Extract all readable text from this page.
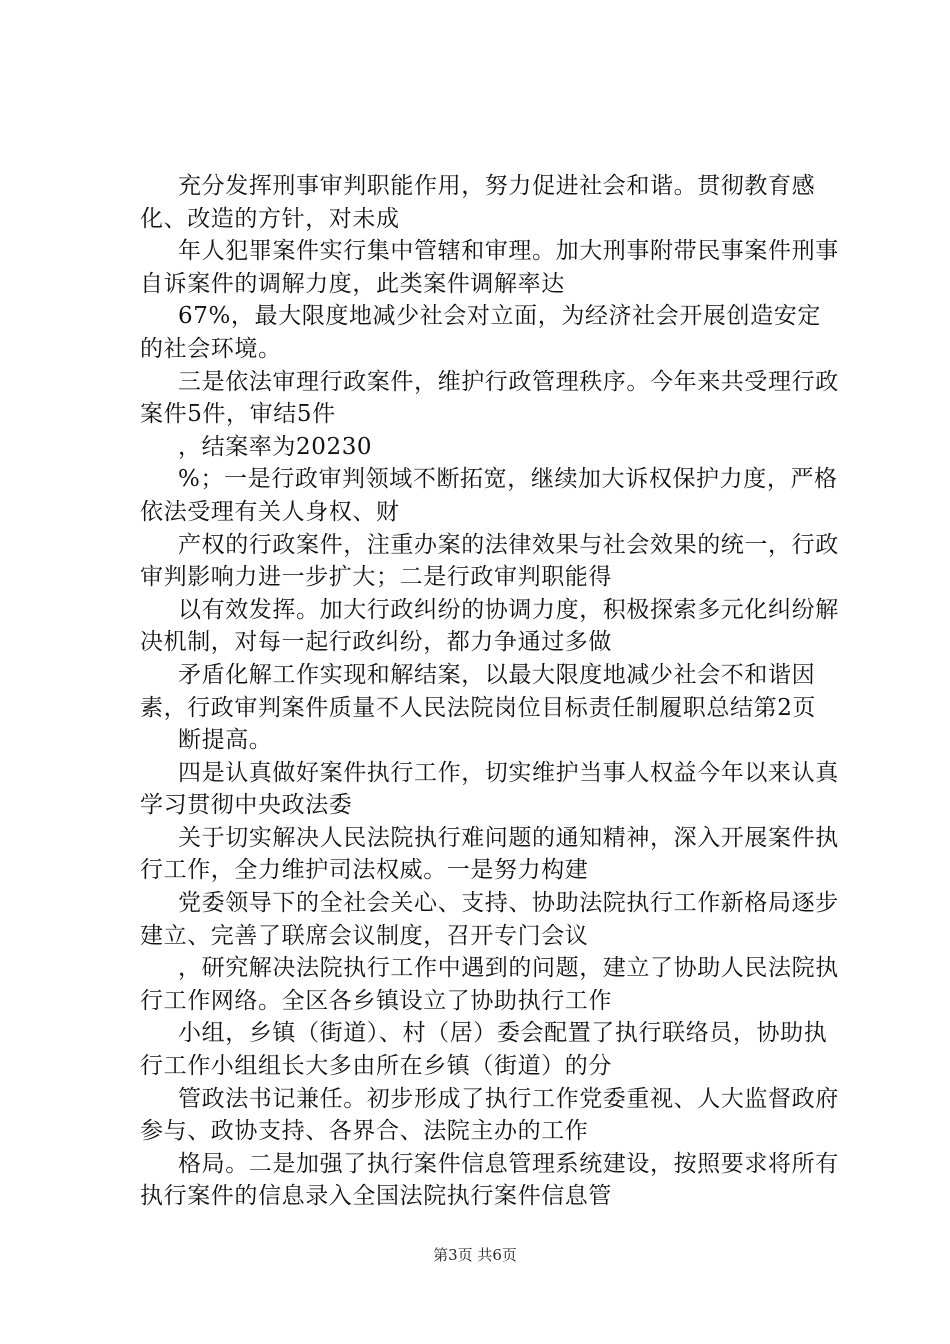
充分发挥刑事审判职能作用，努力促进社会和谐。贯彻教育感化、改造的方针，对未成

年人犯罪案件实行集中管辖和审理。加大刑事附带民事案件刑事自诉案件的调解力度，此类案件调解率达

67%，最大限度地减少社会对立面，为经济社会开展创造安定的社会环境。

三是依法审理行政案件，维护行政管理秩序。今年来共受理行政案件5件，审结5件

，结案率为20230

%；一是行政审判领域不断拓宽，继续加大诉权保护力度，严格依法受理有关人身权、财

产权的行政案件，注重办案的法律效果与社会效果的统一，行政审判影响力进一步扩大；二是行政审判职能得

以有效发挥。加大行政纠纷的协调力度，积极探索多元化纠纷解决机制，对每一起行政纠纷，都力争通过多做

矛盾化解工作实现和解结案，以最大限度地减少社会不和谐因素，行政审判案件质量不人民法院岗位目标责任制履职总结第2页

断提高。

四是认真做好案件执行工作，切实维护当事人权益今年以来认真学习贯彻中央政法委

关于切实解决人民法院执行难问题的通知精神，深入开展案件执行工作，全力维护司法权威。一是努力构建

党委领导下的全社会关心、支持、协助法院执行工作新格局逐步建立、完善了联席会议制度，召开专门会议

，研究解决法院执行工作中遇到的问题，建立了协助人民法院执行工作网络。全区各乡镇设立了协助执行工作

小组，乡镇（街道）、村（居）委会配置了执行联络员，协助执行工作小组组长大多由所在乡镇（街道）的分

管政法书记兼任。初步形成了执行工作党委重视、人大监督政府参与、政协支持、各界合、法院主办的工作

格局。二是加强了执行案件信息管理系统建设，按照要求将所有执行案件的信息录入全国法院执行案件信息管

第3页 共6页
